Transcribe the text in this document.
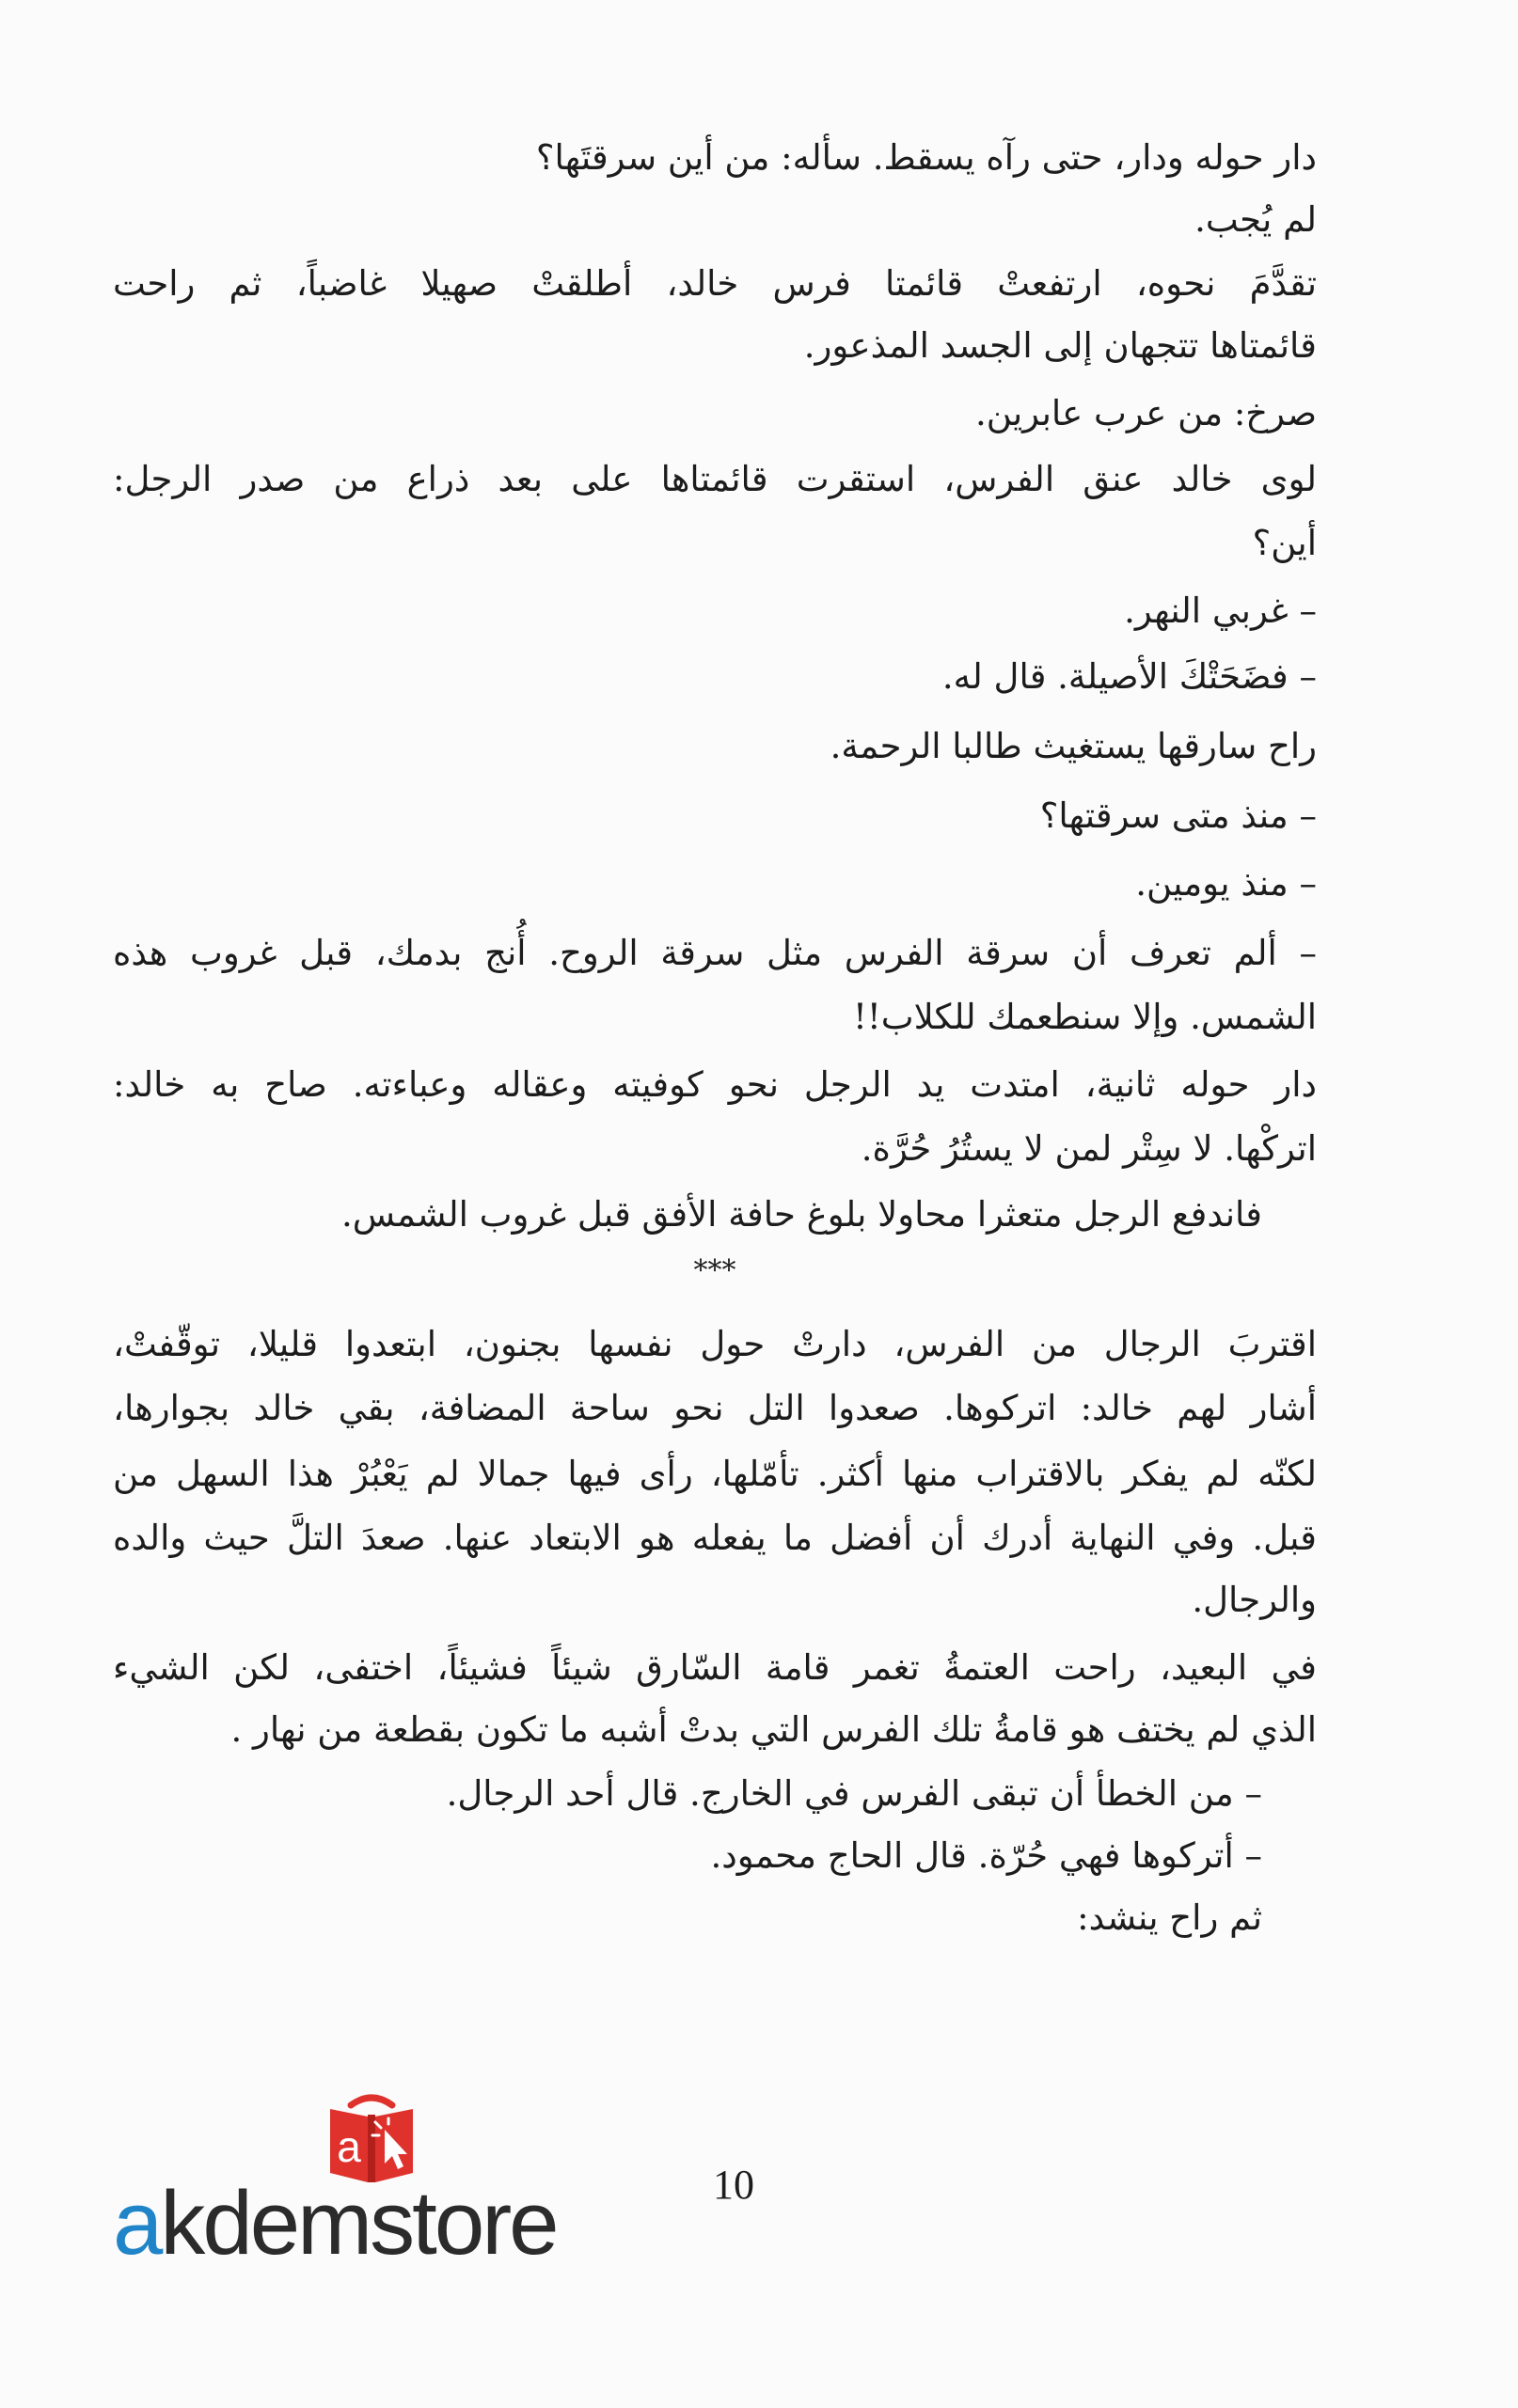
دار حوله ودار، حتى رآه يسقط. سأله: من أين سرقتَها؟
لم يُجب.
تقدَّمَ نحوه، ارتفعتْ قائمتا فرس خالد، أطلقتْ صهيلا غاضباً، ثم راحت
قائمتاها تتجهان إلى الجسد المذعور.
صرخ: من عرب عابرين.
لوى خالد عنق الفرس، استقرت قائمتاها على بعد ذراع من صدر الرجل:
أين؟
– غربي النهر.
– فضَحَتْكَ الأصيلة. قال له.
راح سارقها يستغيث طالبا الرحمة.
– منذ متى سرقتها؟
– منذ يومين.
– ألم تعرف أن سرقة الفرس مثل سرقة الروح. أُنج بدمك، قبل غروب هذه
الشمس. وإلا سنطعمك للكلاب!!
دار حوله ثانية، امتدت يد الرجل نحو كوفيته وعقاله وعباءته. صاح به خالد:
اتركْها. لا سِتْر لمن لا يستُرُ حُرَّة.
فاندفع الرجل متعثرا محاولا بلوغ حافة الأفق قبل غروب الشمس.
***
اقتربَ الرجال من الفرس، دارتْ حول نفسها بجنون، ابتعدوا قليلا، توقّفتْ،
أشار لهم خالد: اتركوها. صعدوا التل نحو ساحة المضافة، بقي خالد بجوارها،
لكنّه لم يفكر بالاقتراب منها أكثر. تأمّلها، رأى فيها جمالا لم يَعْبُرْ هذا السهل من
قبل. وفي النهاية أدرك أن أفضل ما يفعله هو الابتعاد عنها. صعدَ التلَّ حيث والده
والرجال.
في البعيد، راحت العتمةُ تغمر قامة السّارق شيئاً فشيئاً، اختفى، لكن الشيء
الذي لم يختف هو قامةُ تلك الفرس التي بدتْ أشبه ما تكون بقطعة من نهار .
– من الخطأ أن تبقى الفرس في الخارج. قال أحد الرجال.
– أتركوها فهي حُرّة. قال الحاج محمود.
ثم راح ينشد:
10
a
akdemstore
